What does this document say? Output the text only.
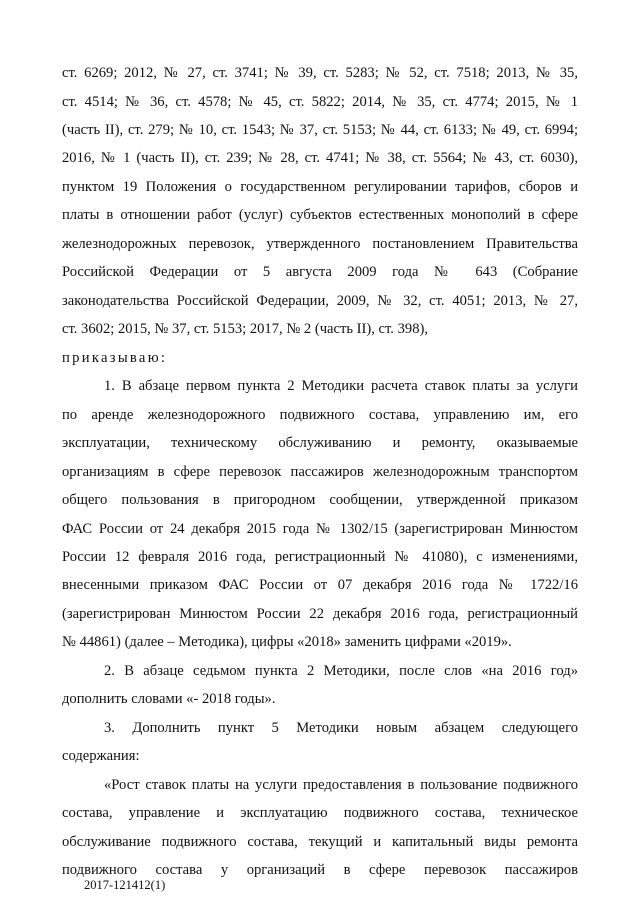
ст. 6269; 2012, № 27, ст. 3741; № 39, ст. 5283; № 52, ст. 7518; 2013, № 35,
ст. 4514; № 36, ст. 4578; № 45, ст. 5822; 2014, № 35, ст. 4774; 2015, № 1
(часть II), ст. 279; № 10, ст. 1543; № 37, ст. 5153; № 44, ст. 6133; № 49, ст. 6994;
2016, № 1 (часть II), ст. 239; № 28, ст. 4741; № 38, ст. 5564; № 43, ст. 6030),
пунктом 19 Положения о государственном регулировании тарифов, сборов и
платы в отношении работ (услуг) субъектов естественных монополий в сфере
железнодорожных перевозок, утвержденного постановлением Правительства
Российской Федерации от 5 августа 2009 года № 643 (Собрание
законодательства Российской Федерации, 2009, № 32, ст. 4051; 2013, № 27,
ст. 3602; 2015, № 37, ст. 5153; 2017, № 2 (часть II), ст. 398),
приказываю:
1. В абзаце первом пункта 2 Методики расчета ставок платы за услуги
по аренде железнодорожного подвижного состава, управлению им, его
эксплуатации, техническому обслуживанию и ремонту, оказываемые
организациям в сфере перевозок пассажиров железнодорожным транспортом
общего пользования в пригородном сообщении, утвержденной приказом
ФАС России от 24 декабря 2015 года № 1302/15 (зарегистрирован Минюстом
России 12 февраля 2016 года, регистрационный № 41080), с изменениями,
внесенными приказом ФАС России от 07 декабря 2016 года № 1722/16
(зарегистрирован Минюстом России 22 декабря 2016 года, регистрационный
№ 44861) (далее – Методика), цифры «2018» заменить цифрами «2019».
2. В абзаце седьмом пункта 2 Методики, после слов «на 2016 год»
дополнить словами «- 2018 годы».
3. Дополнить пункт 5 Методики новым абзацем следующего
содержания:
«Рост ставок платы на услуги предоставления в пользование подвижного
состава, управление и эксплуатацию подвижного состава, техническое
обслуживание подвижного состава, текущий и капитальный виды ремонта
подвижного состава у организаций в сфере перевозок пассажиров
2017-121412(1)
